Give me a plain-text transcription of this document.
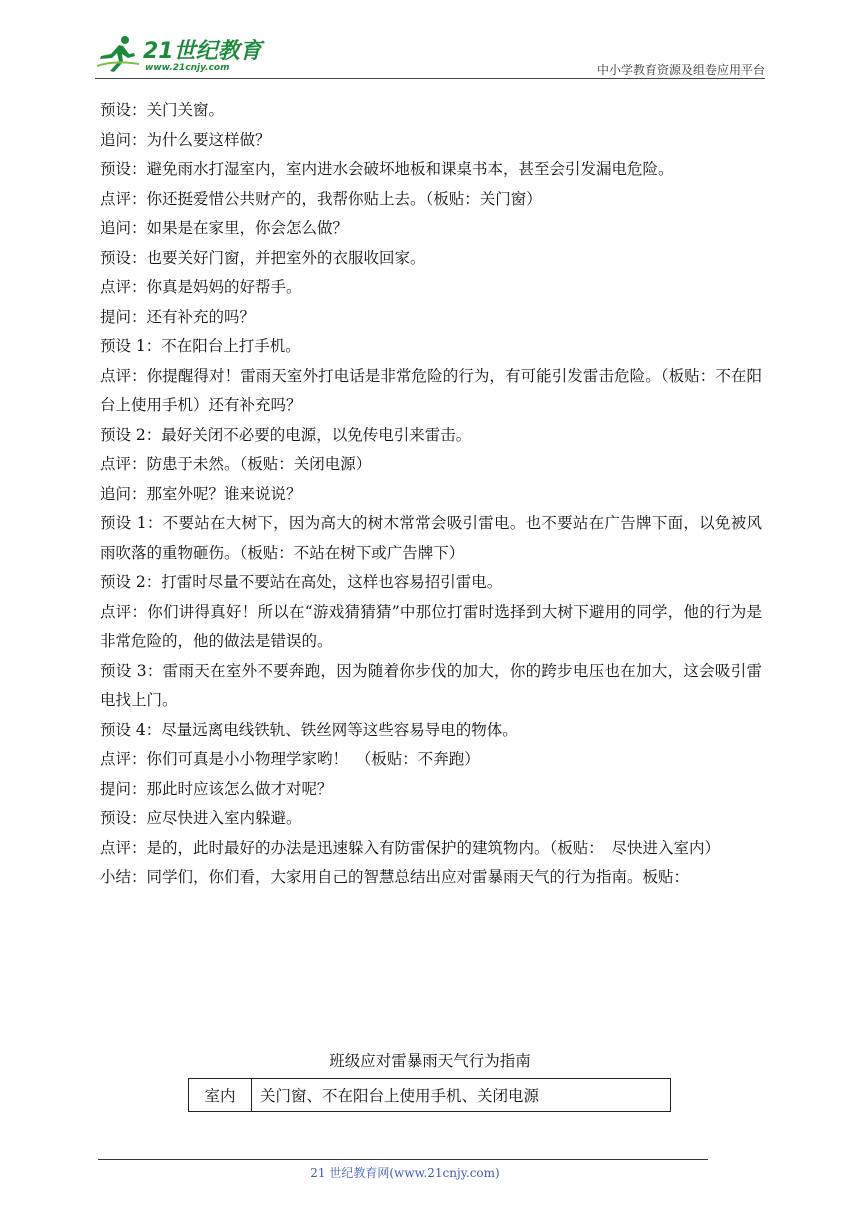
21世纪教育
www.21cnjy.com	中小学教育资源及组卷应用平台

预设：关门关窗。

追问：为什么要这样做？

预设：避免雨水打湿室内，室内进水会破坏地板和课桌书本，甚至会引发漏电危险。

点评：你还挺爱惜公共财产的，我帮你贴上去。（板贴：关门窗）

追问：如果是在家里，你会怎么做？

预设：也要关好门窗，并把室外的衣服收回家。

点评：你真是妈妈的好帮手。

提问：还有补充的吗？

预设 1：不在阳台上打手机。

点评：你提醒得对！雷雨天室外打电话是非常危险的行为，有可能引发雷击危险。（板贴：不在阳台上使用手机）还有补充吗？

预设 2：最好关闭不必要的电源，以免传电引来雷击。

点评：防患于未然。（板贴：关闭电源）

追问：那室外呢？谁来说说？

预设 1：不要站在大树下，因为高大的树木常常会吸引雷电。也不要站在广告牌下面，以免被风雨吹落的重物砸伤。（板贴：不站在树下或广告牌下）

预设 2：打雷时尽量不要站在高处，这样也容易招引雷电。

点评：你们讲得真好！所以在“游戏猜猜猜”中那位打雷时选择到大树下避用的同学，他的行为是非常危险的，他的做法是错误的。

预设 3：雷雨天在室外不要奔跑，因为随着你步伐的加大，你的跨步电压也在加大，这会吸引雷电找上门。

预设 4：尽量远离电线铁轨、铁丝网等这些容易导电的物体。

点评：你们可真是小小物理学家哟！　（板贴：不奔跑）

提问：那此时应该怎么做才对呢？

预设：应尽快进入室内躲避。

点评：是的，此时最好的办法是迅速躲入有防雷保护的建筑物内。（板贴：　尽快进入室内）

小结：同学们，你们看，大家用自己的智慧总结出应对雷暴雨天气的行为指南。板贴：

班级应对雷暴雨天气行为指南
室内	关门窗、不在阳台上使用手机、关闭电源
21 世纪教育网(www.21cnjy.com)
